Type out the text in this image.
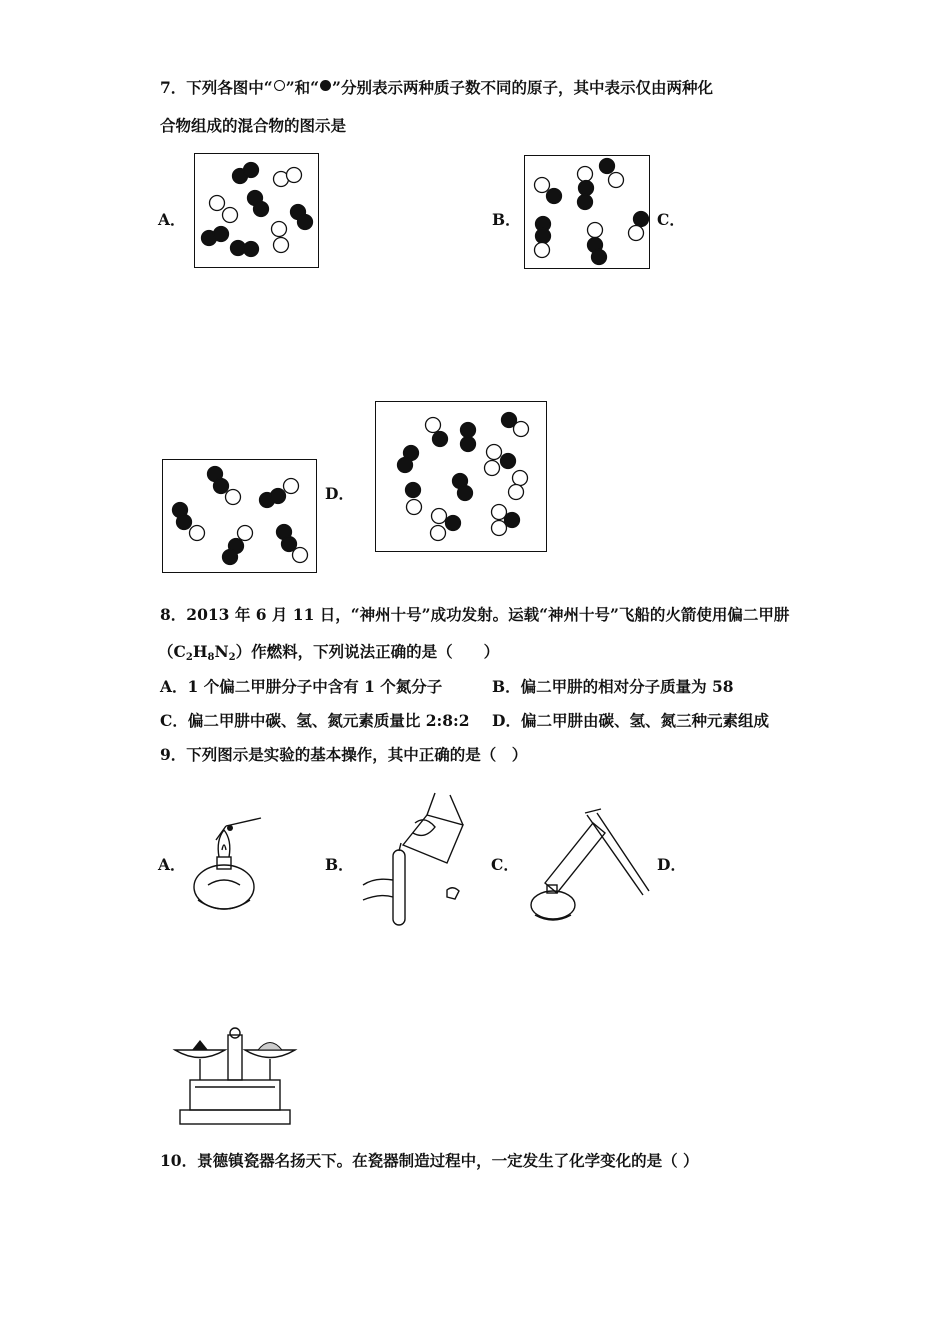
7．下列各图中“ ”和“ ”分别表示两种质子数不同的原子，其中表示仅由两种化
合物组成的混合物的图示是
A．	B．	C．
D．
8．2013 年 6 月 11 日，“神州十号”成功发射。运载“神州十号”飞船的火箭使用偏二甲肼
$(C_2H_8N_2)$作燃料，下列说法正确的是（　　）
A．1 个偏二甲肼分子中含有 1 个氮分子	B．偏二甲肼的相对分子质量为 58
C．偏二甲肼中碳、氢、氮元素质量比 2:8:2 D．偏二甲肼由碳、氢、氮三种元素组成
9．下列图示是实验的基本操作，其中正确的是（　）
A．	B．	C．	D．
10．景德镇瓷器名扬天下。在瓷器制造过程中，一定发生了化学变化的是（ ）
